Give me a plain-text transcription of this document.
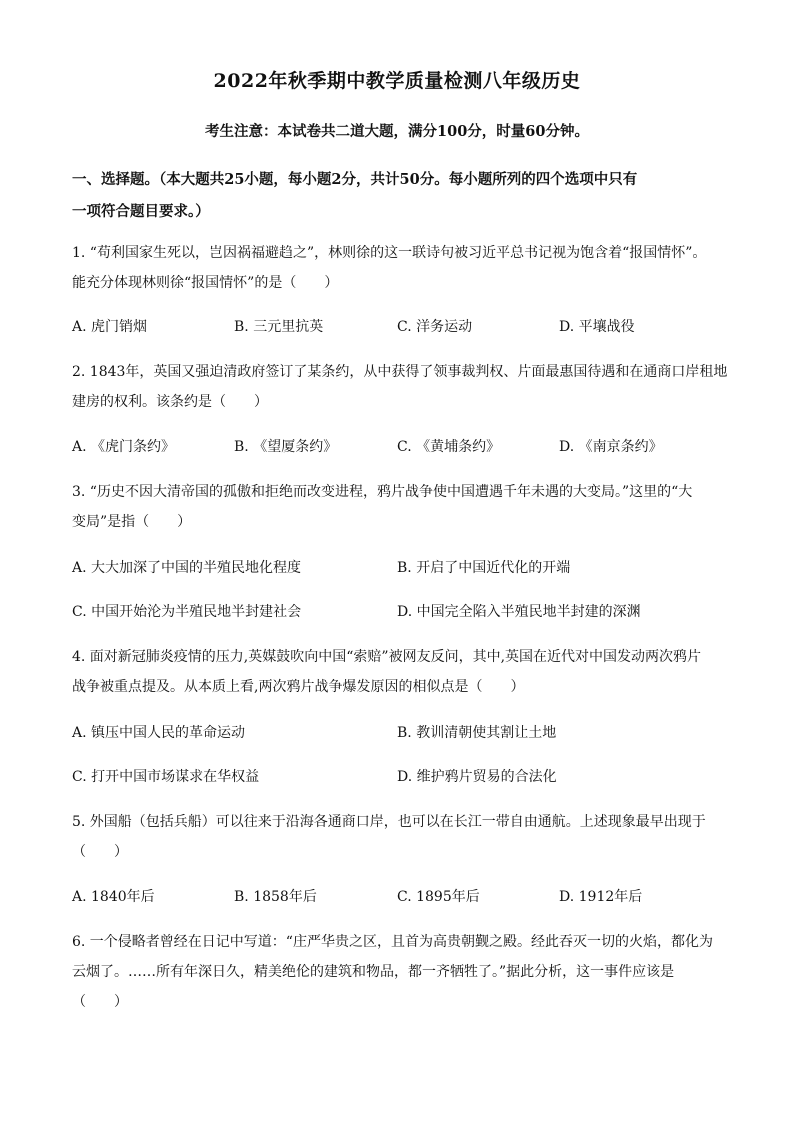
2022年秋季期中教学质量检测八年级历史
考生注意：本试卷共二道大题，满分100分，时量60分钟。
一、选择题。（本大题共25小题，每小题2分，共计50分。每小题所列的四个选项中只有
一项符合题目要求。）
1. “苟利国家生死以，岂因祸福避趋之”，林则徐的这一联诗句被习近平总书记视为饱含着“报国情怀”。
能充分体现林则徐“报国情怀”的是（　　）
A. 虎门销烟	B. 三元里抗英	C. 洋务运动	D. 平壤战役
2. 1843年，英国又强迫清政府签订了某条约，从中获得了领事裁判权、片面最惠国待遇和在通商口岸租地
建房的权利。该条约是（　　）
A. 《虎门条约》	B. 《望厦条约》	C. 《黄埔条约》	D. 《南京条约》
3. “历史不因大清帝国的孤傲和拒绝而改变进程，鸦片战争使中国遭遇千年未遇的大变局。”这里的“大
变局”是指（　　）
A. 大大加深了中国的半殖民地化程度	B. 开启了中国近代化的开端
C. 中国开始沦为半殖民地半封建社会	D. 中国完全陷入半殖民地半封建的深渊
4. 面对新冠肺炎疫情的压力,英媒鼓吹向中国“索赔”被网友反问，其中,英国在近代对中国发动两次鸦片
战争被重点提及。从本质上看,两次鸦片战争爆发原因的相似点是（　　）
A. 镇压中国人民的革命运动	B. 教训清朝使其割让土地
C. 打开中国市场谋求在华权益	D. 维护鸦片贸易的合法化
5. 外国船（包括兵船）可以往来于沿海各通商口岸，也可以在长江一带自由通航。上述现象最早出现于
（　　）
A. 1840年后	B. 1858年后	C. 1895年后	D. 1912年后
6. 一个侵略者曾经在日记中写道：“庄严华贵之区，且首为高贵朝觐之殿。经此吞灭一切的火焰，都化为
云烟了。……所有年深日久，精美绝伦的建筑和物品，都一齐牺牲了。”据此分析，这一事件应该是
（　　）
